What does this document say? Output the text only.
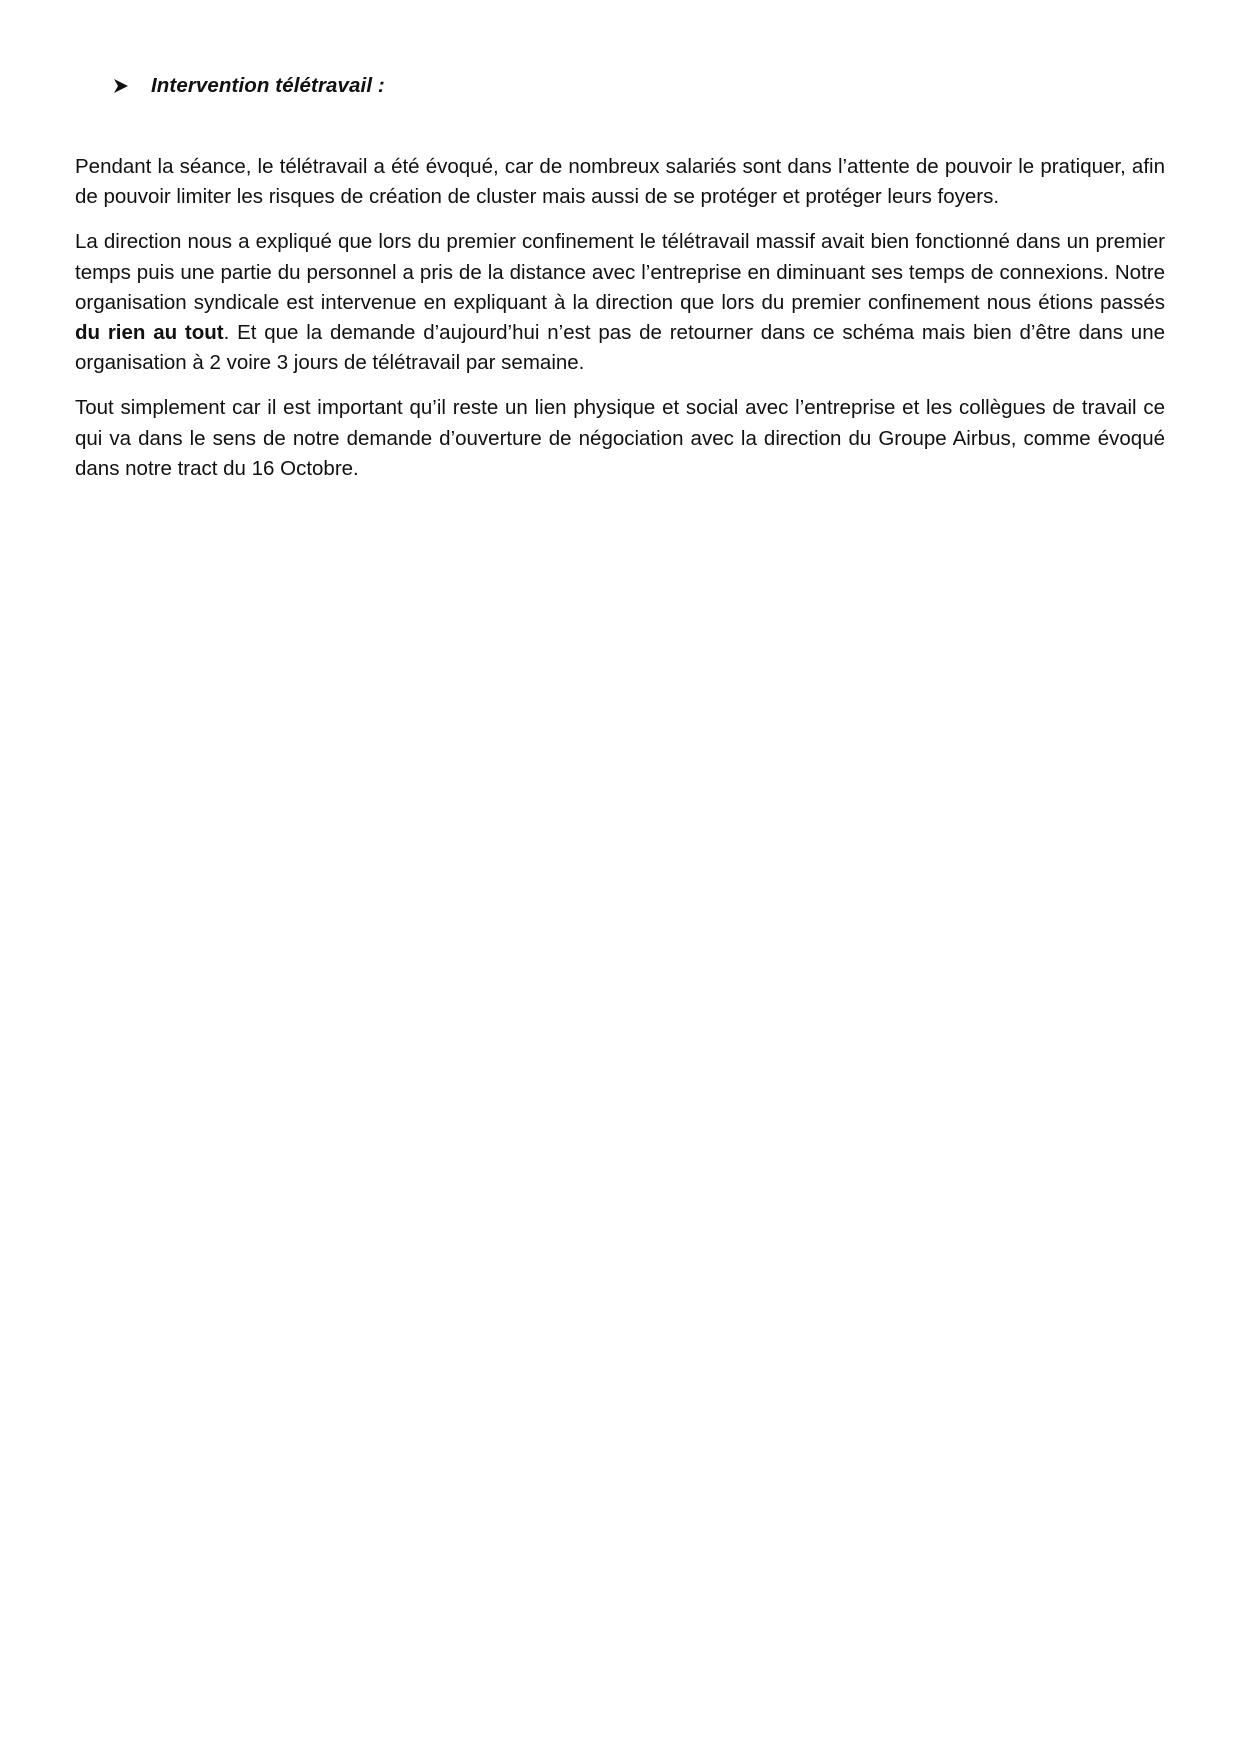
Intervention télétravail :

Pendant la séance, le télétravail a été évoqué, car de nombreux salariés sont dans l’attente de pouvoir le pratiquer, afin de pouvoir limiter les risques de création de cluster mais aussi de se protéger et protéger leurs foyers.

La direction nous a expliqué que lors du premier confinement le télétravail massif avait bien fonctionné dans un premier temps puis une partie du personnel a pris de la distance avec l’entreprise en diminuant ses temps de connexions. Notre organisation syndicale est intervenue en expliquant à la direction que lors du premier confinement nous étions passés du rien au tout. Et que la demande d’aujourd’hui n’est pas de retourner dans ce schéma mais bien d’être dans une organisation à 2 voire 3 jours de télétravail par semaine.

Tout simplement car il est important qu’il reste un lien physique et social avec l’entreprise et les collègues de travail ce qui va dans le sens de notre demande d’ouverture de négociation avec la direction du Groupe Airbus, comme évoqué dans notre tract du 16 Octobre.
